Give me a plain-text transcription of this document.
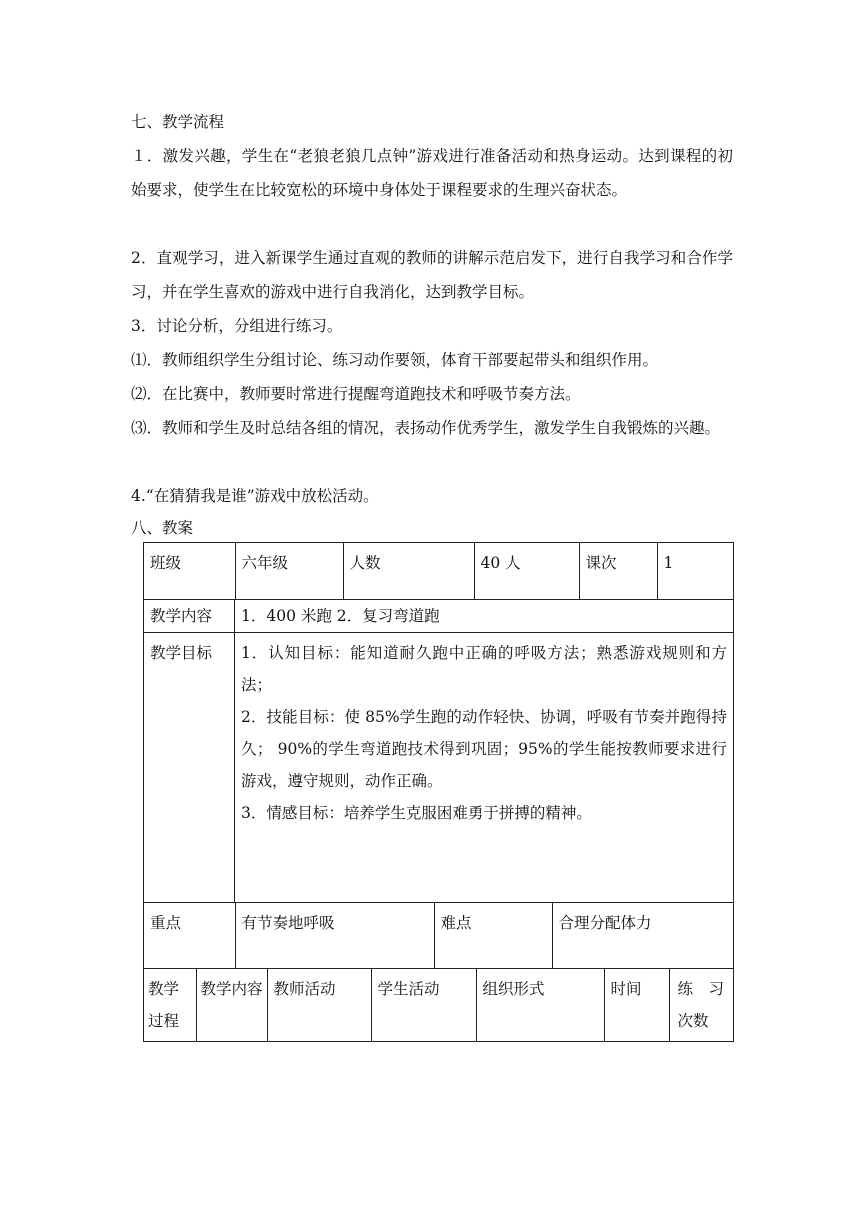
七、教学流程

１．激发兴趣，学生在“老狼老狼几点钟”游戏进行准备活动和热身运动。达到课程的初始要求，使学生在比较宽松的环境中身体处于课程要求的生理兴奋状态。

2．直观学习，进入新课学生通过直观的教师的讲解示范启发下，进行自我学习和合作学习，并在学生喜欢的游戏中进行自我消化，达到教学目标。

3．讨论分析，分组进行练习。

⑴．教师组织学生分组讨论、练习动作要领，体育干部要起带头和组织作用。

⑵．在比赛中，教师要时常进行提醒弯道跑技术和呼吸节奏方法。

⑶．教师和学生及时总结各组的情况，表扬动作优秀学生，激发学生自我锻炼的兴趣。

4.“在猜猜我是谁”游戏中放松活动。

八、教案

班级	六年级	人数	40 人	课次	1

教学内容	1．400 米跑 2．复习弯道跑
教学目标	1．认知目标：能知道耐久跑中正确的呼吸方法；熟悉游戏规则和方法；
2．技能目标：使 85%学生跑的动作轻快、协调，呼吸有节奏并跑得持久； 90%的学生弯道跑技术得到巩固；95%的学生能按教师要求进行游戏，遵守规则，动作正确。
3．情感目标：培养学生克服困难勇于拼搏的精神。

重点	有节奏地呼吸	难点	合理分配体力

教学过程	教学内容	教师活动	学生活动	组织形式	时间	练　习次数
